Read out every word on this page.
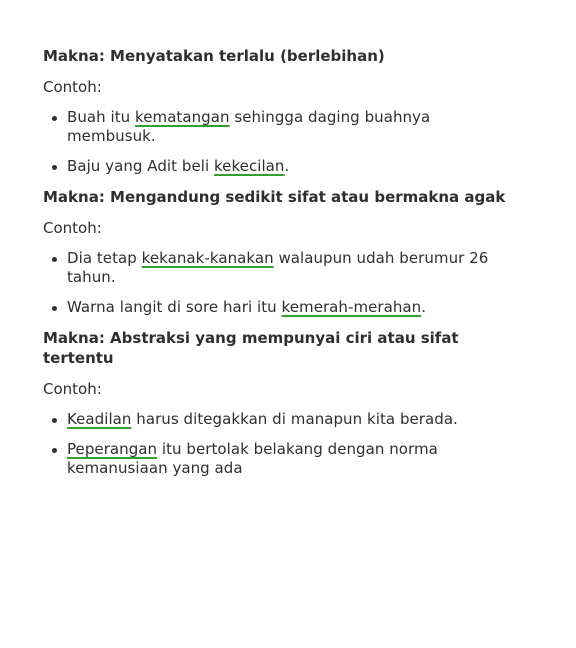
Makna: Menyatakan terlalu (berlebihan)
Contoh:
Buah itu kematangan sehingga daging buahnya membusuk.
Baju yang Adit beli kekecilan.
Makna: Mengandung sedikit sifat atau bermakna agak
Contoh:
Dia tetap kekanak-kanakan walaupun udah berumur 26 tahun.
Warna langit di sore hari itu kemerah-merahan.
Makna: Abstraksi yang mempunyai ciri atau sifat tertentu
Contoh:
Keadilan harus ditegakkan di manapun kita berada.
Peperangan itu bertolak belakang dengan norma kemanusiaan yang ada
